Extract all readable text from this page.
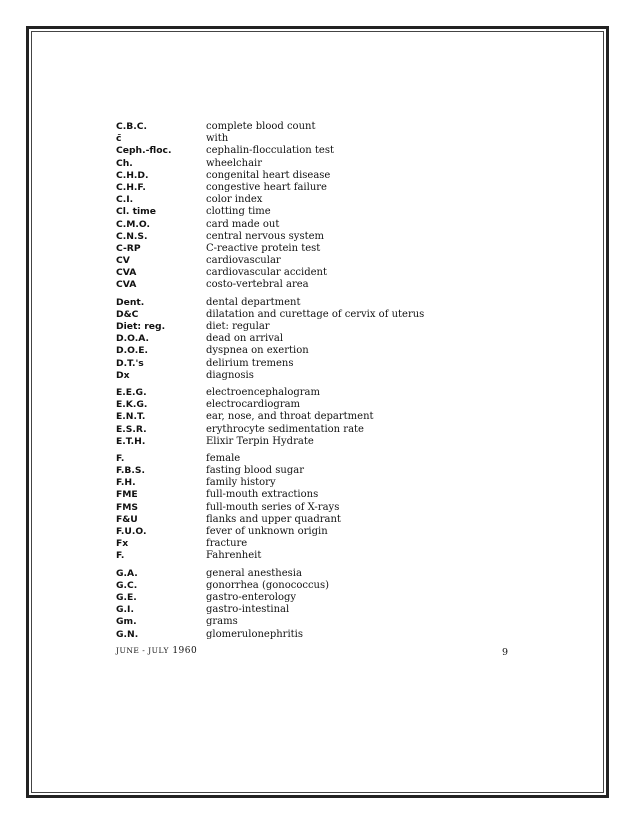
C.B.C.	complete blood count
c̄	with
Ceph.-floc.	cephalin-flocculation test
Ch.	wheelchair
C.H.D.	congenital heart disease
C.H.F.	congestive heart failure
C.I.	color index
Cl. time	clotting time
C.M.O.	card made out
C.N.S.	central nervous system
C-RP	C-reactive protein test
CV	cardiovascular
CVA	cardiovascular accident
CVA	costo-vertebral area
Dent.	dental department
D&C	dilatation and curettage of cervix of uterus
Diet: reg.	diet: regular
D.O.A.	dead on arrival
D.O.E.	dyspnea on exertion
D.T.'s	delirium tremens
Dx	diagnosis
E.E.G.	electroencephalogram
E.K.G.	electrocardiogram
E.N.T.	ear, nose, and throat department
E.S.R.	erythrocyte sedimentation rate
E.T.H.	Elixir Terpin Hydrate
F.	female
F.B.S.	fasting blood sugar
F.H.	family history
FME	full-mouth extractions
FMS	full-mouth series of X-rays
F&U	flanks and upper quadrant
F.U.O.	fever of unknown origin
Fx	fracture
F.	Fahrenheit
G.A.	general anesthesia
G.C.	gonorrhea (gonococcus)
G.E.	gastro-enterology
G.I.	gastro-intestinal
Gm.	grams
G.N.	glomerulonephritis
JUNE - JULY 1960	9
